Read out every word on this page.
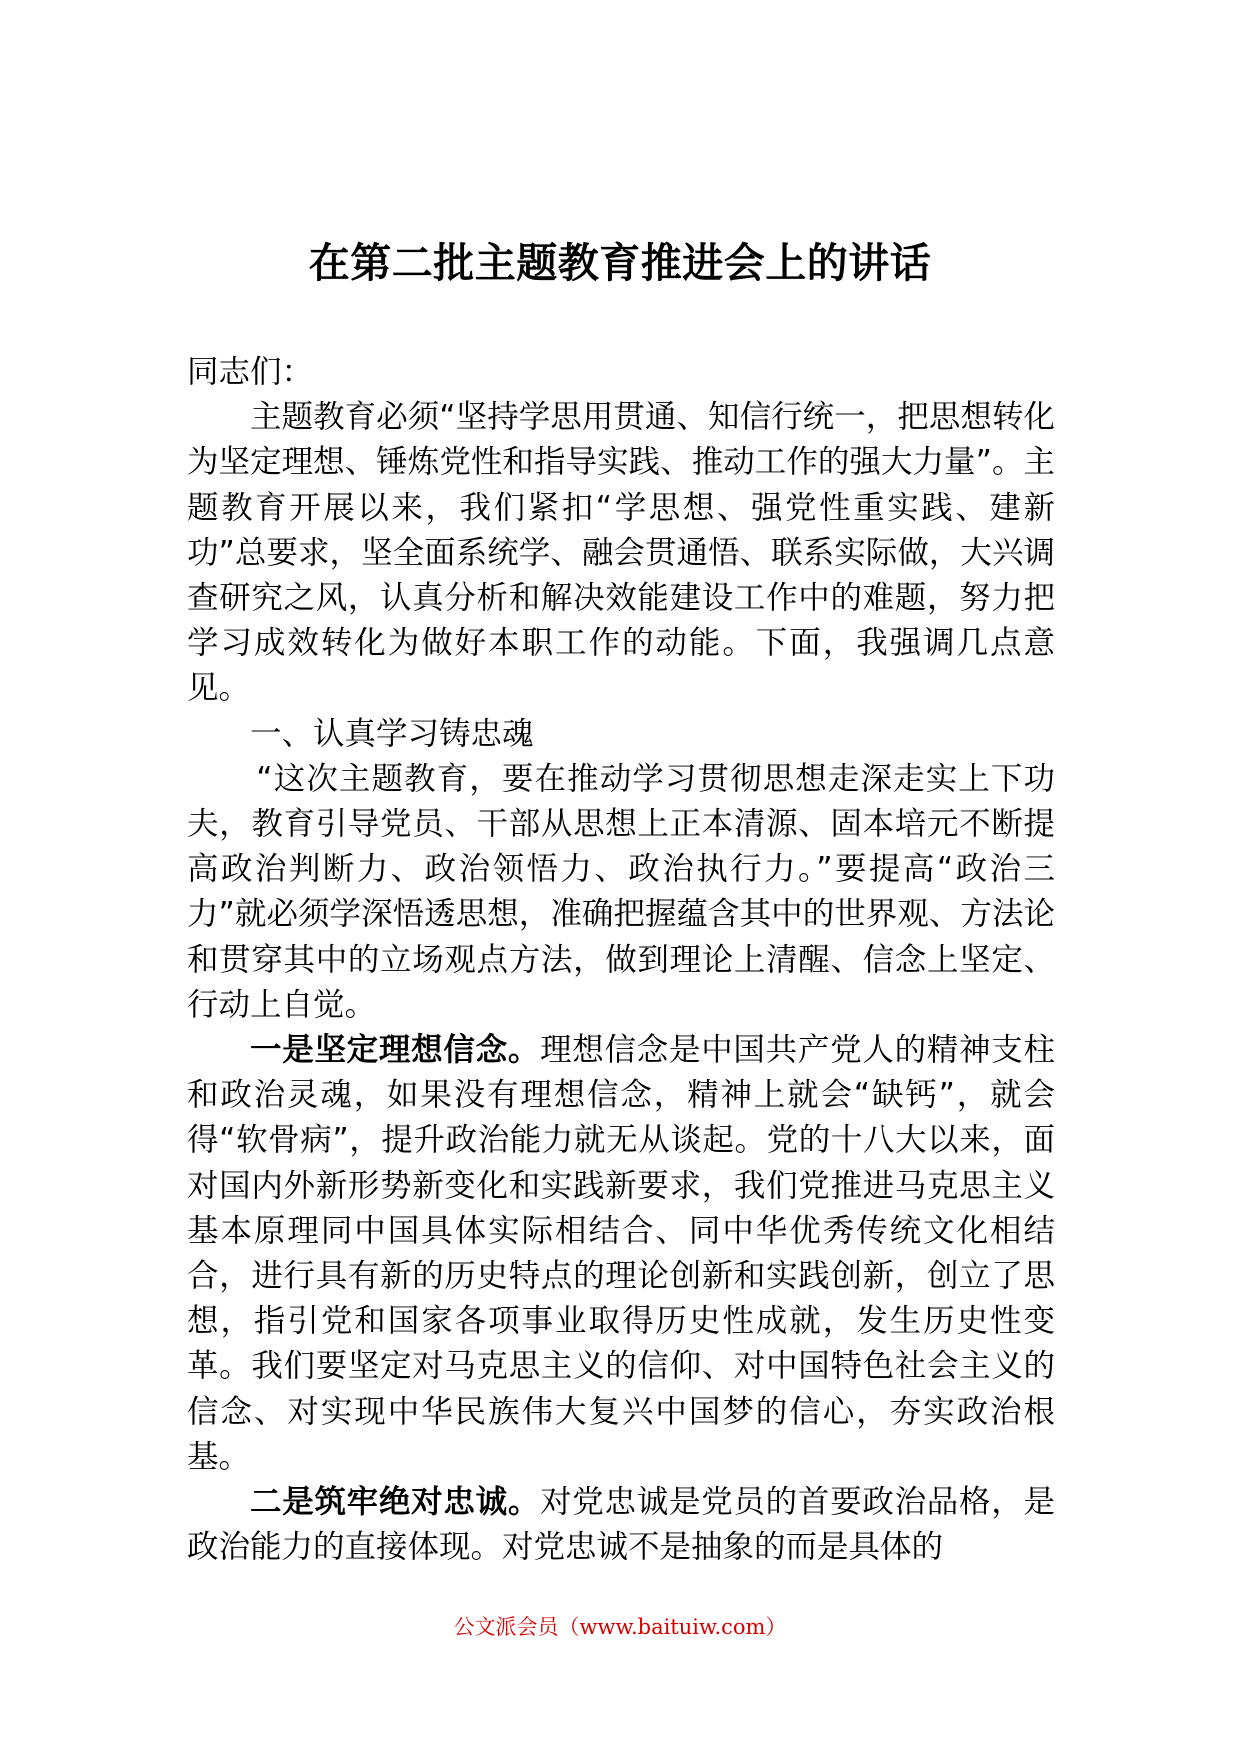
在第二批主题教育推进会上的讲话

同志们：

主题教育必须“坚持学思用贯通、知信行统一，把思想转化为坚定理想、锤炼党性和指导实践、推动工作的强大力量”。主题教育开展以来，我们紧扣“学思想、强党性重实践、建新功”总要求，坚全面系统学、融会贯通悟、联系实际做，大兴调查研究之风，认真分析和解决效能建设工作中的难题，努力把学习成效转化为做好本职工作的动能。下面，我强调几点意见。

一、认真学习铸忠魂

“这次主题教育，要在推动学习贯彻思想走深走实上下功夫，教育引导党员、干部从思想上正本清源、固本培元不断提高政治判断力、政治领悟力、政治执行力。”要提高“政治三力”就必须学深悟透思想，准确把握蕴含其中的世界观、方法论和贯穿其中的立场观点方法，做到理论上清醒、信念上坚定、行动上自觉。

一是坚定理想信念。理想信念是中国共产党人的精神支柱和政治灵魂，如果没有理想信念，精神上就会“缺钙”，就会得“软骨病”，提升政治能力就无从谈起。党的十八大以来，面对国内外新形势新变化和实践新要求，我们党推进马克思主义基本原理同中国具体实际相结合、同中华优秀传统文化相结合，进行具有新的历史特点的理论创新和实践创新，创立了思想，指引党和国家各项事业取得历史性成就，发生历史性变革。我们要坚定对马克思主义的信仰、对中国特色社会主义的信念、对实现中华民族伟大复兴中国梦的信心，夯实政治根基。

二是筑牢绝对忠诚。对党忠诚是党员的首要政治品格，是政治能力的直接体现。对党忠诚不是抽象的而是具体的

公文派会员（www.baituiw.com）
